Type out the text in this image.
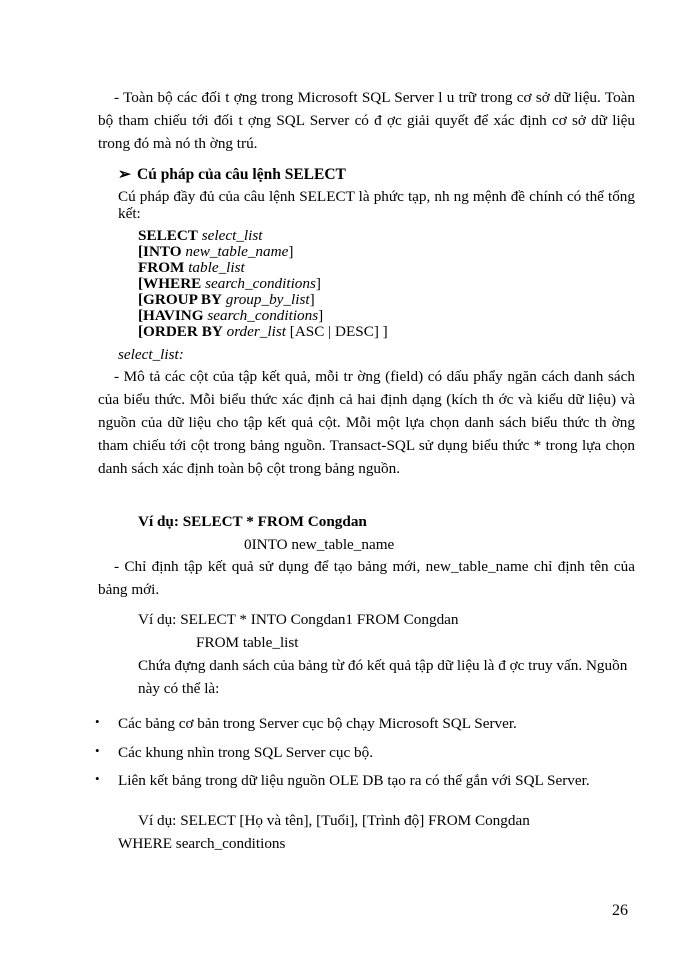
- Toàn bộ các đối t ợng trong Microsoft SQL Server l u trữ trong cơ sở dữ liệu. Toàn bộ tham chiếu tới đối t ợng SQL Server có đ ợc giải quyết để xác định cơ sở dữ liệu trong đó mà nó th ờng trú.
➢ Cú pháp của câu lệnh SELECT
Cú pháp đầy đủ của câu lệnh SELECT là phức tạp, nh ng mệnh đề chính có thể tổng kết:
SELECT select_list
[INTO new_table_name]
FROM table_list
[WHERE search_conditions]
[GROUP BY group_by_list]
[HAVING search_conditions]
[ORDER BY order_list [ASC | DESC] ]
select_list:
- Mô tả các cột của tập kết quả, mỗi tr ờng (field) có dấu phẩy ngăn cách danh sách của biểu thức. Mỗi biểu thức xác định cả hai định dạng (kích th ớc và kiểu dữ liệu) và nguồn của dữ liệu cho tập kết quả cột. Mỗi một lựa chọn danh sách biểu thức th ờng tham chiếu tới cột trong bảng nguồn. Transact-SQL sử dụng biểu thức * trong lựa chọn danh sách xác định toàn bộ cột trong bảng nguồn.
Ví dụ: SELECT * FROM Congdan
0INTO new_table_name
- Chỉ định tập kết quả sử dụng để tạo bảng mới, new_table_name chỉ định tên của bảng mới.
Ví dụ: SELECT * INTO Congdan1 FROM Congdan
FROM table_list
Chứa đựng danh sách của bảng từ đó kết quả tập dữ liệu là đ ợc truy vấn. Nguồn này có thể là:
• Các bảng cơ bản trong Server cục bộ chạy Microsoft SQL Server.
• Các khung nhìn trong SQL Server cục bộ.
• Liên kết bảng trong dữ liệu nguồn OLE DB tạo ra có thể gắn với SQL Server.
Ví dụ: SELECT [Họ và tên], [Tuổi], [Trình độ] FROM Congdan
WHERE search_conditions
26
